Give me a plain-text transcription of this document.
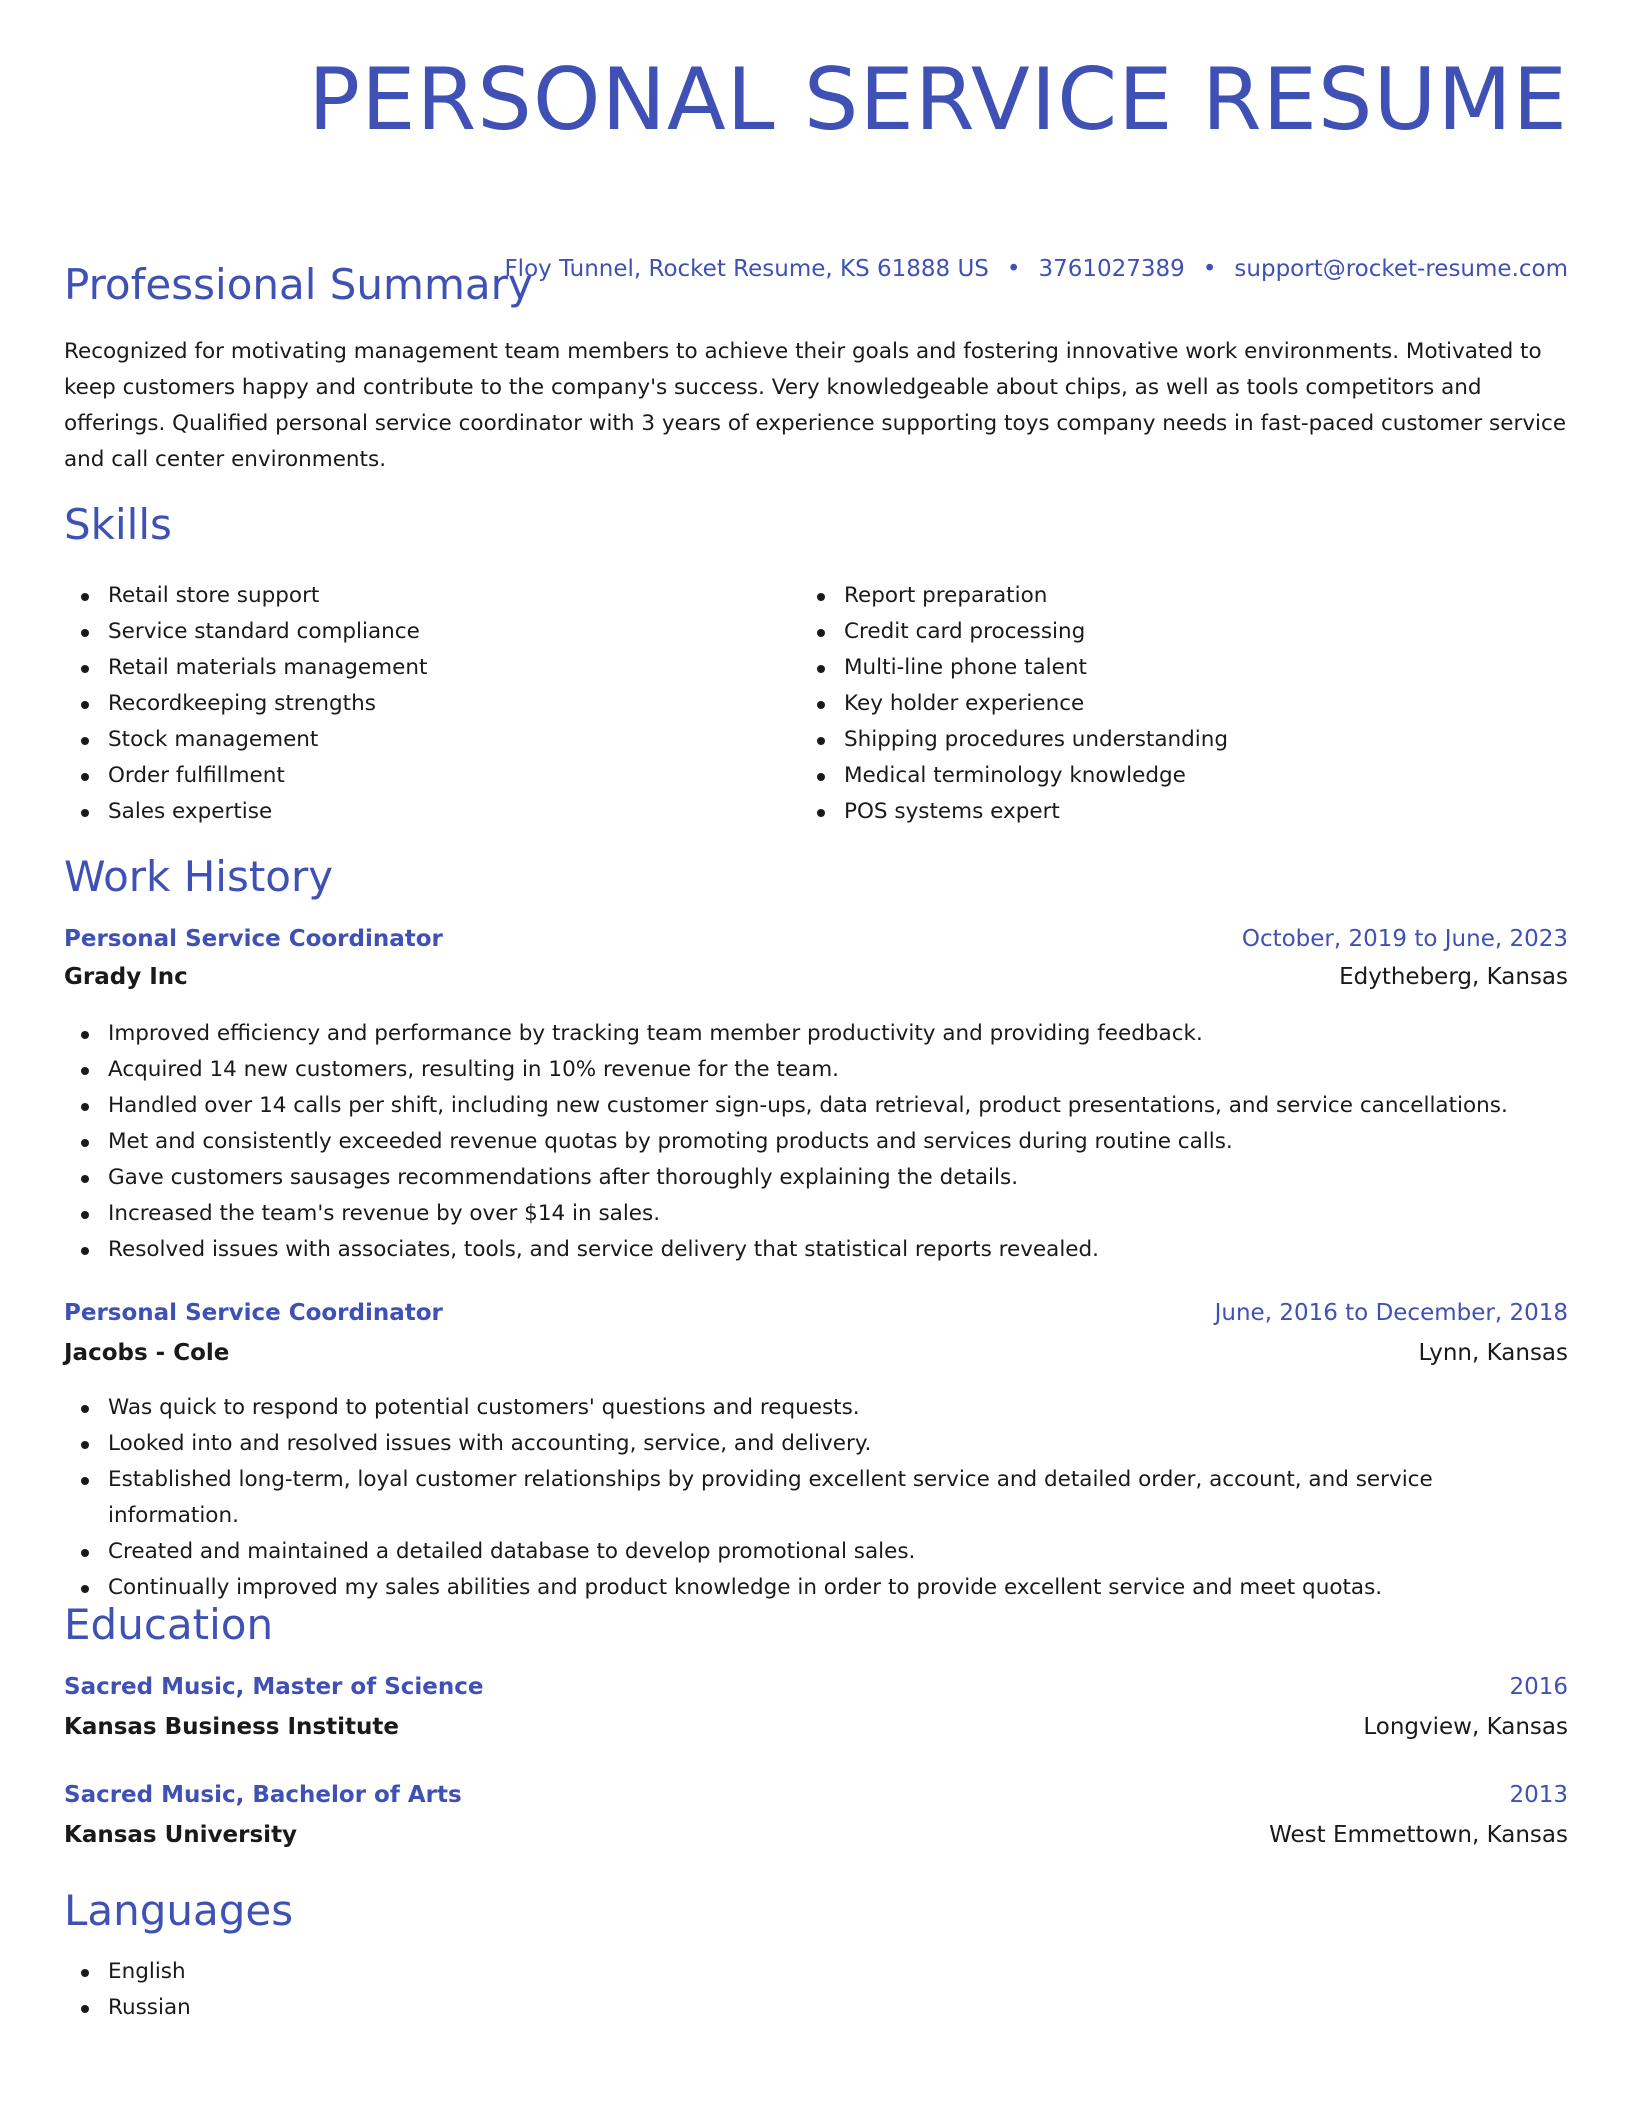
PERSONAL SERVICE RESUME
Floy Tunnel, Rocket Resume, KS 61888 US • 3761027389 • support@rocket-resume.com
Professional Summary

Recognized for motivating management team members to achieve their goals and fostering innovative work environments. Motivated to keep customers happy and contribute to the company's success. Very knowledgeable about chips, as well as tools competitors and offerings. Qualified personal service coordinator with 3 years of experience supporting toys company needs in fast-paced customer service and call center environments.

Skills
Retail store support
Service standard compliance
Retail materials management
Recordkeeping strengths
Stock management
Order fulfillment
Sales expertise
Report preparation
Credit card processing
Multi-line phone talent
Key holder experience
Shipping procedures understanding
Medical terminology knowledge
POS systems expert
Work History
Personal Service Coordinator	October, 2019 to June, 2023
Grady Inc	Edytheberg, Kansas
Improved efficiency and performance by tracking team member productivity and providing feedback.
Acquired 14 new customers, resulting in 10% revenue for the team.
Handled over 14 calls per shift, including new customer sign-ups, data retrieval, product presentations, and service cancellations.
Met and consistently exceeded revenue quotas by promoting products and services during routine calls.
Gave customers sausages recommendations after thoroughly explaining the details.
Increased the team's revenue by over $14 in sales.
Resolved issues with associates, tools, and service delivery that statistical reports revealed.
Personal Service Coordinator	June, 2016 to December, 2018
Jacobs - Cole	Lynn, Kansas
Was quick to respond to potential customers' questions and requests.
Looked into and resolved issues with accounting, service, and delivery.
Established long-term, loyal customer relationships by providing excellent service and detailed order, account, and service information.
Created and maintained a detailed database to develop promotional sales.
Continually improved my sales abilities and product knowledge in order to provide excellent service and meet quotas.
Education
Sacred Music, Master of Science	2016
Kansas Business Institute	Longview, Kansas
Sacred Music, Bachelor of Arts	2013
Kansas University	West Emmettown, Kansas
Languages
English
Russian
